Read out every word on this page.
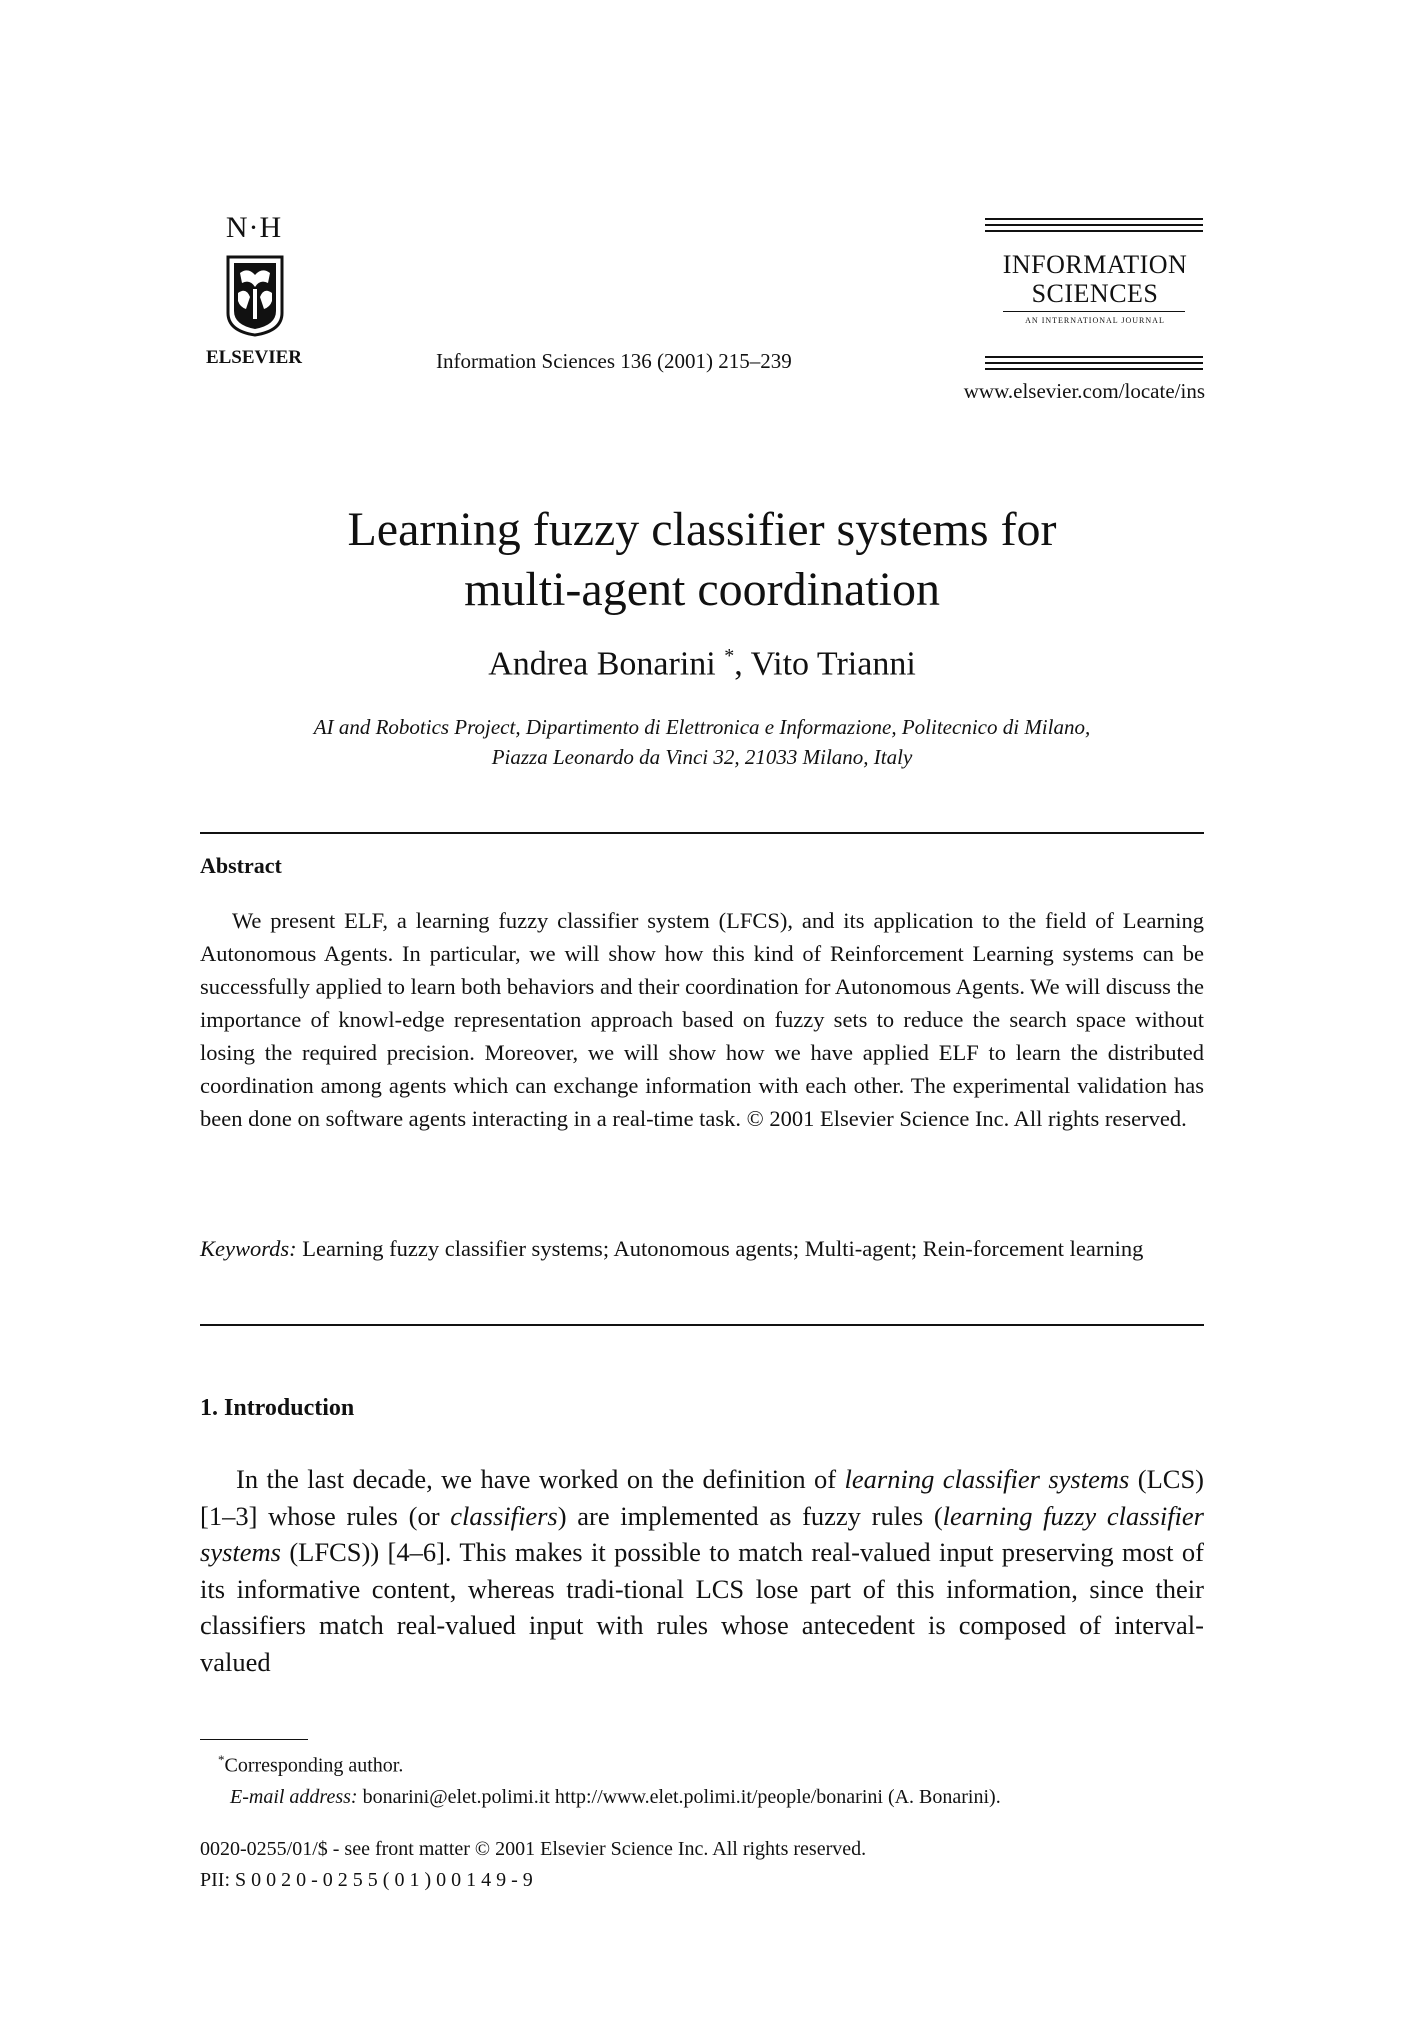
N·H
ELSEVIER	Information Sciences 136 (2001) 215–239
INFORMATION
SCIENCES
AN INTERNATIONAL JOURNAL
www.elsevier.com/locate/ins
Learning fuzzy classifier systems for
multi-agent coordination
Andrea Bonarini *, Vito Trianni
AI and Robotics Project, Dipartimento di Elettronica e Informazione, Politecnico di Milano,
Piazza Leonardo da Vinci 32, 21033 Milano, Italy
Abstract
We present ELF, a learning fuzzy classifier system (LFCS), and its application to the field of Learning Autonomous Agents. In particular, we will show how this kind of Reinforcement Learning systems can be successfully applied to learn both behaviors and their coordination for Autonomous Agents. We will discuss the importance of knowl-edge representation approach based on fuzzy sets to reduce the search space without losing the required precision. Moreover, we will show how we have applied ELF to learn the distributed coordination among agents which can exchange information with each other. The experimental validation has been done on software agents interacting in a real-time task. © 2001 Elsevier Science Inc. All rights reserved.
Keywords: Learning fuzzy classifier systems; Autonomous agents; Multi-agent; Rein-forcement learning
1. Introduction
In the last decade, we have worked on the definition of learning classifier systems (LCS) [1–3] whose rules (or classifiers) are implemented as fuzzy rules (learning fuzzy classifier systems (LFCS)) [4–6]. This makes it possible to match real-valued input preserving most of its informative content, whereas tradi-tional LCS lose part of this information, since their classifiers match real-valued input with rules whose antecedent is composed of interval-valued
*Corresponding author.
E-mail address: bonarini@elet.polimi.it http://www.elet.polimi.it/people/bonarini (A. Bonarini).
0020-0255/01/$ - see front matter © 2001 Elsevier Science Inc. All rights reserved.
PII: S 0 0 2 0 - 0 2 5 5 ( 0 1 ) 0 0 1 4 9 - 9
